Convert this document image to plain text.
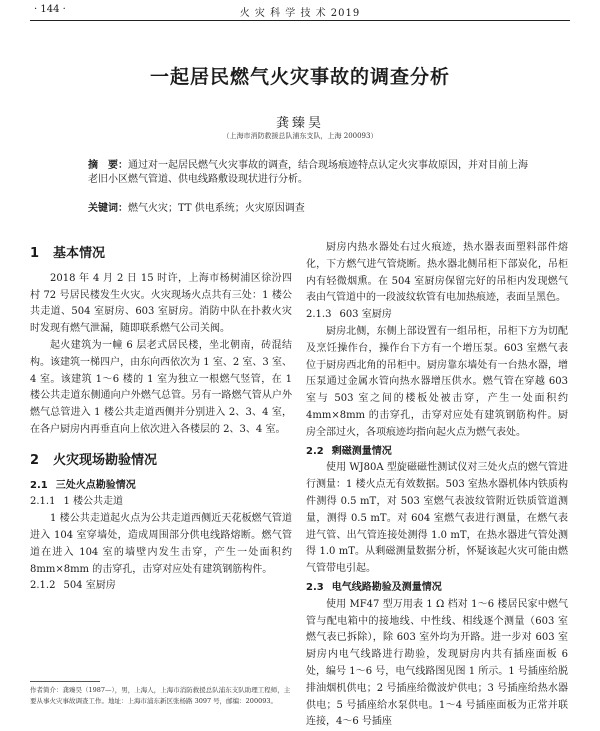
· 144 ·	火 灾 科 学 技 术 2019
一起居民燃气火灾事故的调查分析
龚臻昊
（上海市消防救援总队浦东支队，上海 200093）
摘　要：通过对一起居民燃气火灾事故的调查，结合现场痕迹特点认定火灾事故原因，并对目前上海老旧小区燃气管道、供电线路敷设现状进行分析。
关键词：燃气火灾；TT 供电系统；火灾原因调查
1 基本情况

2018 年 4 月 2 日 15 时许，上海市杨树浦区徐汾四村 72 号居民楼发生火灾。火灾现场火点共有三处：1 楼公共走道、504 室厨房、603 室厨房。消防中队在扑救火灾时发现有燃气泄漏，随即联系燃气公司关阀。

起火建筑为一幢 6 层老式居民楼，坐北朝南，砖混结构。该建筑一梯四户，由东向西依次为 1 室、2 室、3 室、4 室。该建筑 1～6 楼的 1 室为独立一根燃气竖管，在 1 楼公共走道东侧通向户外燃气总管。另有一路燃气管从户外燃气总管进入 1 楼公共走道西侧并分别进入 2、3、4 室，在各户厨房内再垂直向上依次进入各楼层的 2、3、4 室。

2 火灾现场勘验情况
2.1 三处火点勘验情况
2.1.1 1 楼公共走道

1 楼公共走道起火点为公共走道西侧近天花板燃气管道进入 104 室穿墙处，造成周围部分供电线路熔断。燃气管道在进入 104 室的墙壁内发生击穿，产生一处面积约 8mm×8mm 的击穿孔，击穿对应处有建筑钢筋构件。

2.1.2 504 室厨房

厨房内热水器处右过火痕迹，热水器表面塑料部件熔化，下方燃气进气管烧断。热水器北侧吊柜下部炭化，吊柜内有轻微烟熏。在 504 室厨房保留完好的吊柜内发现燃气表由气管道中的一段波纹软管有电加热痕迹，表面呈黑色。

2.1.3 603 室厨房

厨房北侧，东侧上部设置有一组吊柜，吊柜下方为切配及烹饪操作台，操作台下方有一个增压泵。603 室燃气表位于厨房西北角的吊柜中。厨房靠东墙处有一台热水器，增压泵通过金属水管向热水器增压供水。燃气管在穿越 603 室与 503 室之间的楼板处被击穿，产生一处面积约 4mm×8mm 的击穿孔，击穿对应处有建筑钢筋构件。厨房全部过火，各项痕迹均指向起火点为燃气表处。

2.2 剩磁测量情况

使用 WJ80A 型旋磁磁性测试仪对三处火点的燃气管进行测量：1 楼火点无有效数据。503 室热水器机体内铁质构件测得 0.5 mT，对 503 室燃气表波纹管附近铁质管道测量，测得 0.5 mT。对 604 室燃气表进行测量，在燃气表进气管、出气管连接处测得 1.0 mT，在热水器进气管处测得 1.0 mT。从剩磁测量数据分析，怀疑该起火灾可能由燃气管带电引起。

2.3 电气线路勘验及测量情况

使用 MF47 型万用表 1 Ω 档对 1～6 楼居民家中燃气管与配电箱中的接地线、中性线、相线逐个测量（603 室燃气表已拆除），除 603 室外均为开路。进一步对 603 室厨房内电气线路进行勘验，发现厨房内共有插座面板 6 处，编号 1～6 号，电气线路图见图 1 所示。1 号插座给脱排油烟机供电；2 号插座给微波炉供电；3 号插座给热水器供电；5 号插座给水泵供电。1～4 号插座面板为正常并联连接，4～6 号插座

作者简介：龚臻昊（1987—），男，上海人，上海市消防救援总队浦东支队助理工程师，主要从事火灾事故调查工作。地址：上海市浦东新区张杨路 3097 号，邮编：200093。
